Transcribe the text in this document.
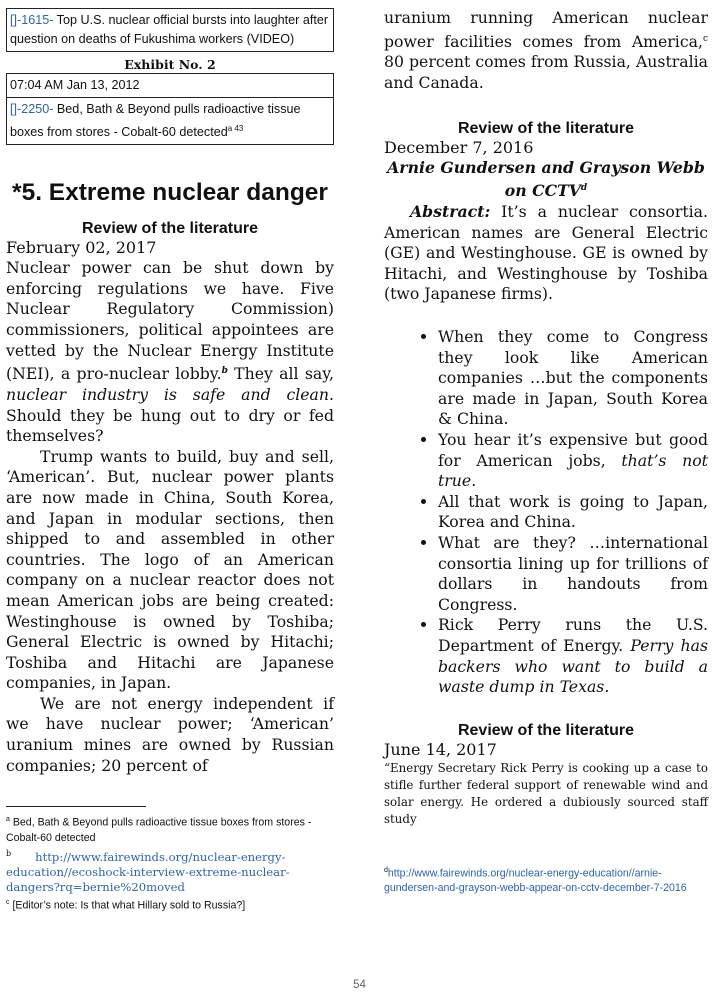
[]-1615- Top U.S. nuclear official bursts into laughter after question on deaths of Fukushima workers (VIDEO)
Exhibit No. 2
07:04 AM Jan 13, 2012
[]-2250- Bed, Bath & Beyond pulls radioactive tissue boxes from stores - Cobalt-60 detected$^{a 43}$
*5. Extreme nuclear danger
Review of the literature
February 02, 2017

Nuclear power can be shut down by enforcing regulations we have. Five Nuclear Regulatory Commission) commissioners, political appointees are vetted by the Nuclear Energy Institute (NEI), a pro-nuclear lobby.$^b$ They all say, nuclear industry is safe and clean. Should they be hung out to dry or fed themselves?

Trump wants to build, buy and sell, ‘American’. But, nuclear power plants are now made in China, South Korea, and Japan in modular sections, then shipped to and assembled in other countries. The logo of an American company on a nuclear reactor does not mean American jobs are being created: Westinghouse is owned by Toshiba; General Electric is owned by Hitachi; Toshiba and Hitachi are Japanese companies, in Japan.

We are not energy independent if we have nuclear power; ‘American’ uranium mines are owned by Russian companies; 20 percent of

$^a$ Bed, Bath & Beyond pulls radioactive tissue boxes from stores - Cobalt-60 detected
$^b$ http://www.fairewinds.org/nuclear-energy-education//ecoshock-interview-extreme-nuclear-dangers?rq=bernie%20moved
$^c$ [Editor’s note: Is that what Hillary sold to Russia?]

uranium running American nuclear power facilities comes from America,$^c$ 80 percent comes from Russia, Australia and Canada.

Review of the literature
December 7, 2016
Arnie Gundersen and Grayson Webb on CCTV$^d$

Abstract: It’s a nuclear consortia. American names are General Electric (GE) and Westinghouse. GE is owned by Hitachi, and Westinghouse by Toshiba (two Japanese firms).

• When they come to Congress they look like American companies …but the components are made in Japan, South Korea & China.
• You hear it’s expensive but good for American jobs, that’s not true.
• All that work is going to Japan, Korea and China.
• What are they? …international consortia lining up for trillions of dollars in handouts from Congress.
• Rick Perry runs the U.S. Department of Energy. Perry has backers who want to build a waste dump in Texas.
Review of the literature
June 14, 2017
“Energy Secretary Rick Perry is cooking up a case to stifle further federal support of renewable wind and solar energy. He ordered a dubiously sourced staff study
$^d$http://www.fairewinds.org/nuclear-energy-education//arnie-gundersen-and-grayson-webb-appear-on-cctv-december-7-2016
54
